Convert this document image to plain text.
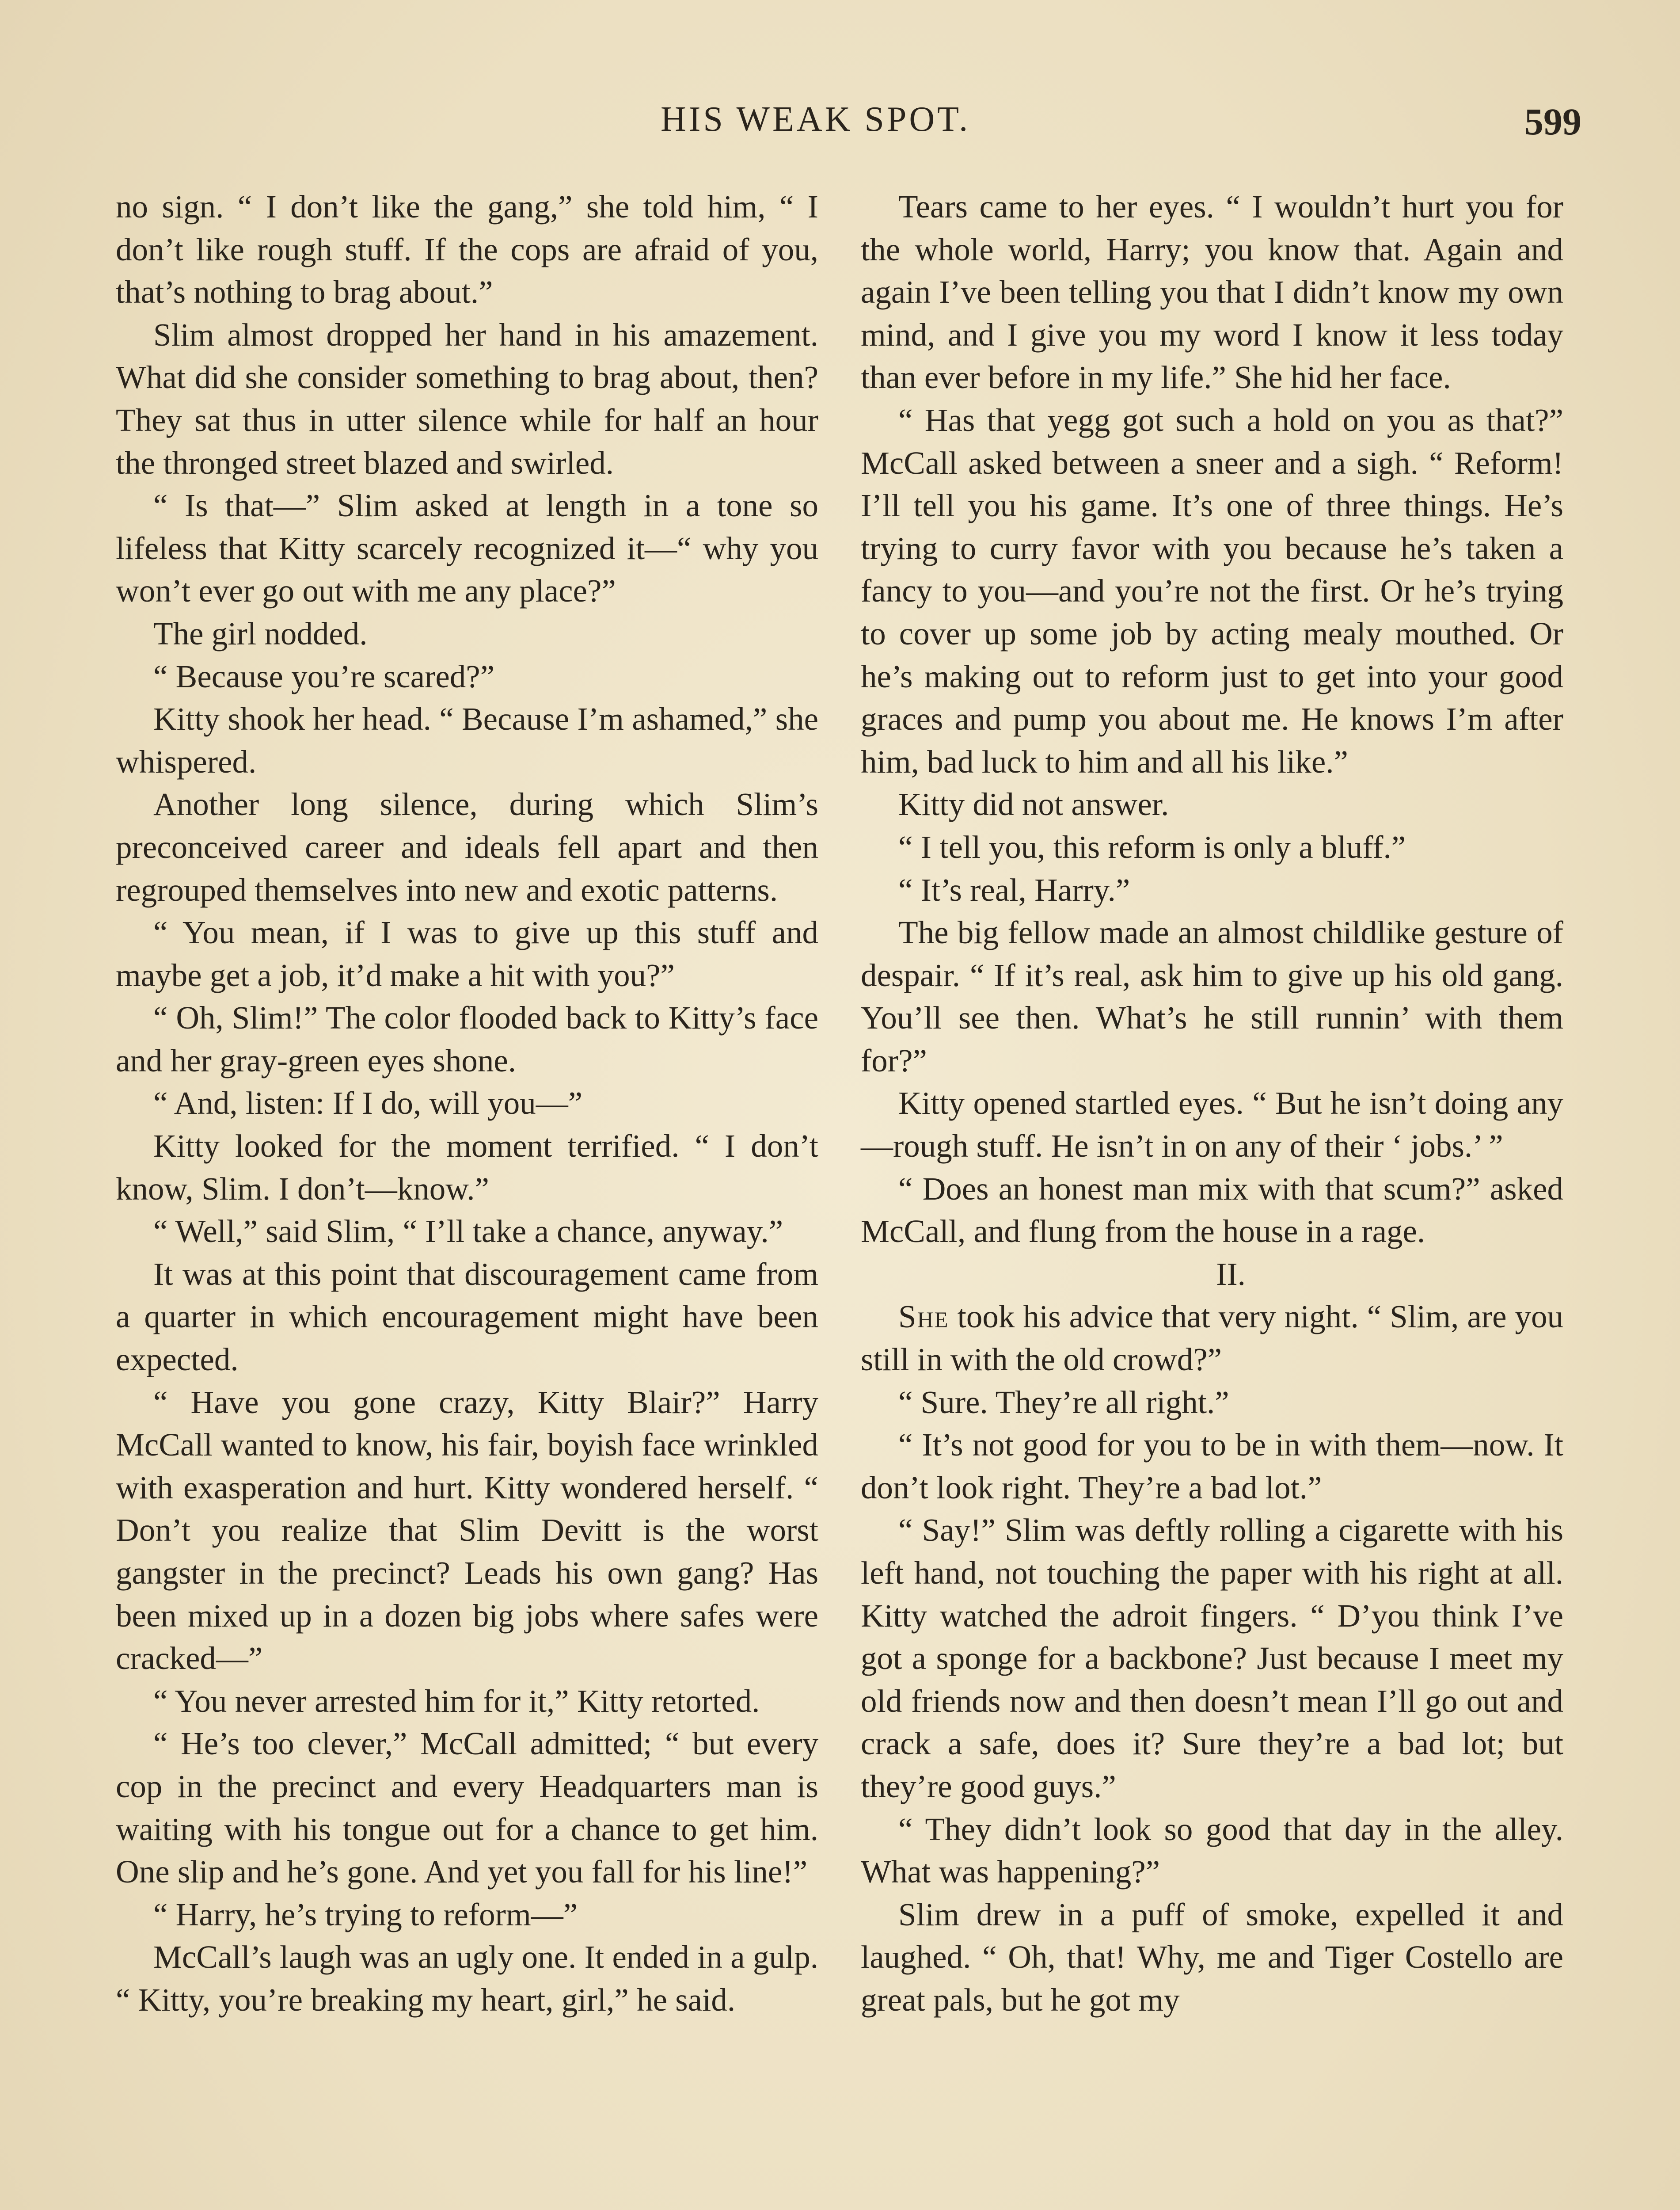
HIS WEAK SPOT.	599

no sign. “ I don’t like the gang,” she told him, “ I don’t like rough stuff. If the cops are afraid of you, that’s nothing to brag about.”

Slim almost dropped her hand in his amazement. What did she consider something to brag about, then? They sat thus in utter silence while for half an hour the thronged street blazed and swirled.

“ Is that—” Slim asked at length in a tone so lifeless that Kitty scarcely recognized it—“ why you won’t ever go out with me any place?”

The girl nodded.

“ Because you’re scared?”

Kitty shook her head. “ Because I’m ashamed,” she whispered.

Another long silence, during which Slim’s preconceived career and ideals fell apart and then regrouped themselves into new and exotic patterns.

“ You mean, if I was to give up this stuff and maybe get a job, it’d make a hit with you?”

“ Oh, Slim!” The color flooded back to Kitty’s face and her gray-green eyes shone.

“ And, listen: If I do, will you—”

Kitty looked for the moment terrified. “ I don’t know, Slim. I don’t—know.”

“ Well,” said Slim, “ I’ll take a chance, anyway.”

It was at this point that discouragement came from a quarter in which encouragement might have been expected.

“ Have you gone crazy, Kitty Blair?” Harry McCall wanted to know, his fair, boyish face wrinkled with exasperation and hurt. Kitty wondered herself. “ Don’t you realize that Slim Devitt is the worst gangster in the precinct? Leads his own gang? Has been mixed up in a dozen big jobs where safes were cracked—”

“ You never arrested him for it,” Kitty retorted.

“ He’s too clever,” McCall admitted; “ but every cop in the precinct and every Headquarters man is waiting with his tongue out for a chance to get him. One slip and he’s gone. And yet you fall for his line!”

“ Harry, he’s trying to reform—”

McCall’s laugh was an ugly one. It ended in a gulp. “ Kitty, you’re breaking my heart, girl,” he said.

Tears came to her eyes. “ I wouldn’t hurt you for the whole world, Harry; you know that. Again and again I’ve been telling you that I didn’t know my own mind, and I give you my word I know it less today than ever before in my life.” She hid her face.

“ Has that yegg got such a hold on you as that?” McCall asked between a sneer and a sigh. “ Reform! I’ll tell you his game. It’s one of three things. He’s trying to curry favor with you because he’s taken a fancy to you—and you’re not the first. Or he’s trying to cover up some job by acting mealy mouthed. Or he’s making out to reform just to get into your good graces and pump you about me. He knows I’m after him, bad luck to him and all his like.”

Kitty did not answer.

“ I tell you, this reform is only a bluff.”

“ It’s real, Harry.”

The big fellow made an almost childlike gesture of despair. “ If it’s real, ask him to give up his old gang. You’ll see then. What’s he still runnin’ with them for?”

Kitty opened startled eyes. “ But he isn’t doing any—rough stuff. He isn’t in on any of their ‘ jobs.’ ”

“ Does an honest man mix with that scum?” asked McCall, and flung from the house in a rage.

II.

She took his advice that very night. “ Slim, are you still in with the old crowd?”

“ Sure. They’re all right.”

“ It’s not good for you to be in with them—now. It don’t look right. They’re a bad lot.”

“ Say!” Slim was deftly rolling a cigarette with his left hand, not touching the paper with his right at all. Kitty watched the adroit fingers. “ D’you think I’ve got a sponge for a backbone? Just because I meet my old friends now and then doesn’t mean I’ll go out and crack a safe, does it? Sure they’re a bad lot; but they’re good guys.”

“ They didn’t look so good that day in the alley. What was happening?”

Slim drew in a puff of smoke, expelled it and laughed. “ Oh, that! Why, me and Tiger Costello are great pals, but he got my
